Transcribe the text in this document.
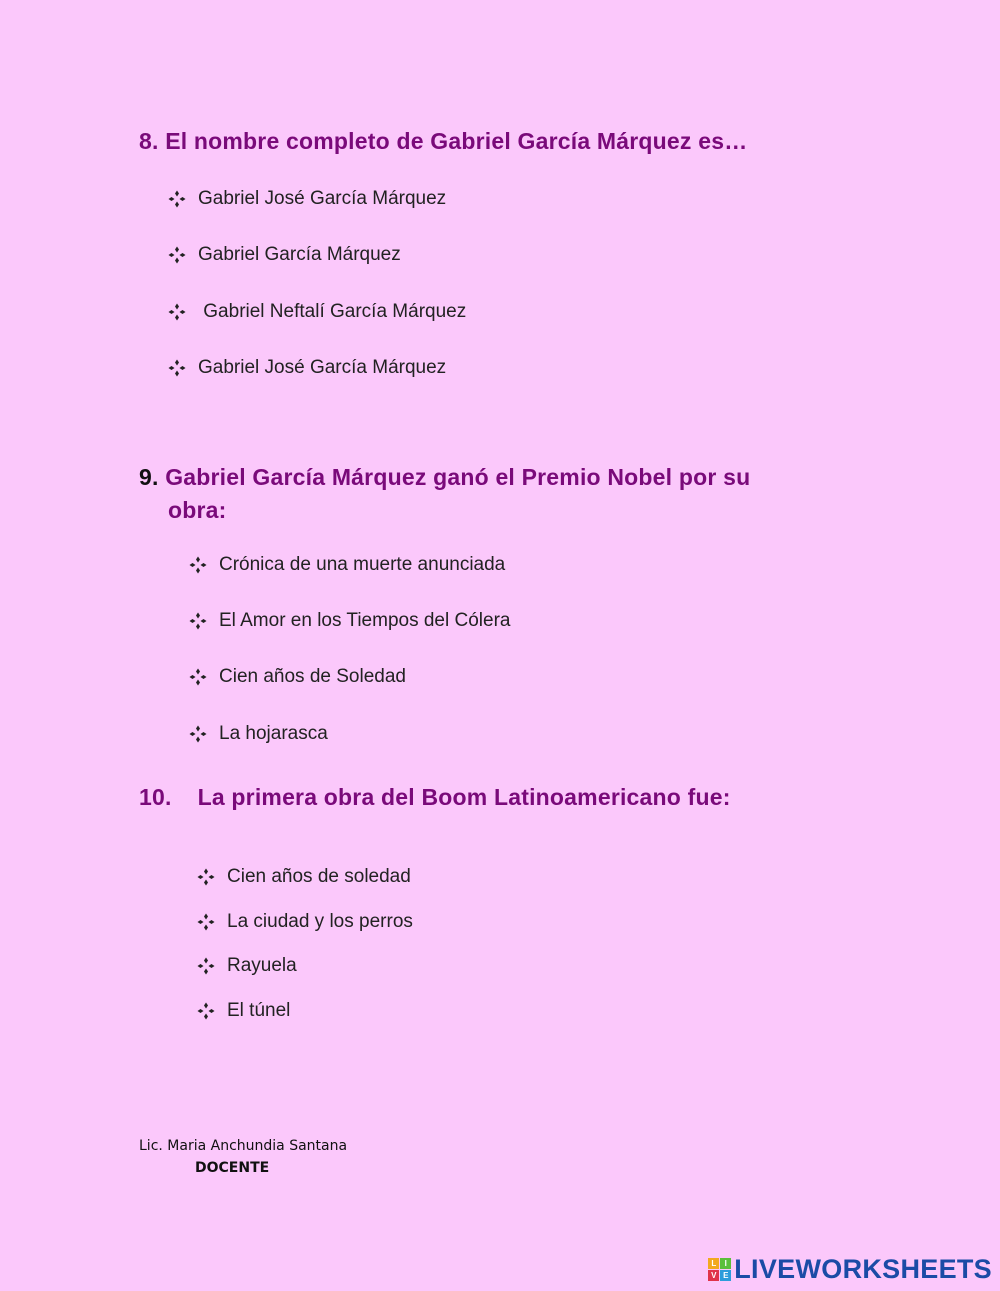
8. El nombre completo de Gabriel García Márquez es…
Gabriel José García Márquez
Gabriel García Márquez
Gabriel Neftalí García Márquez
Gabriel José García Márquez
9. Gabriel García Márquez ganó el Premio Nobel por su
obra:
Crónica de una muerte anunciada
El Amor en los Tiempos del Cólera
Cien años de Soledad
La hojarasca
10. La primera obra del Boom Latinoamericano fue:
Cien años de soledad
La ciudad y los perros
Rayuela
El túnel
Lic. Maria Anchundia Santana
DOCENTE
L	I
V E LIVEWORKSHEETS
